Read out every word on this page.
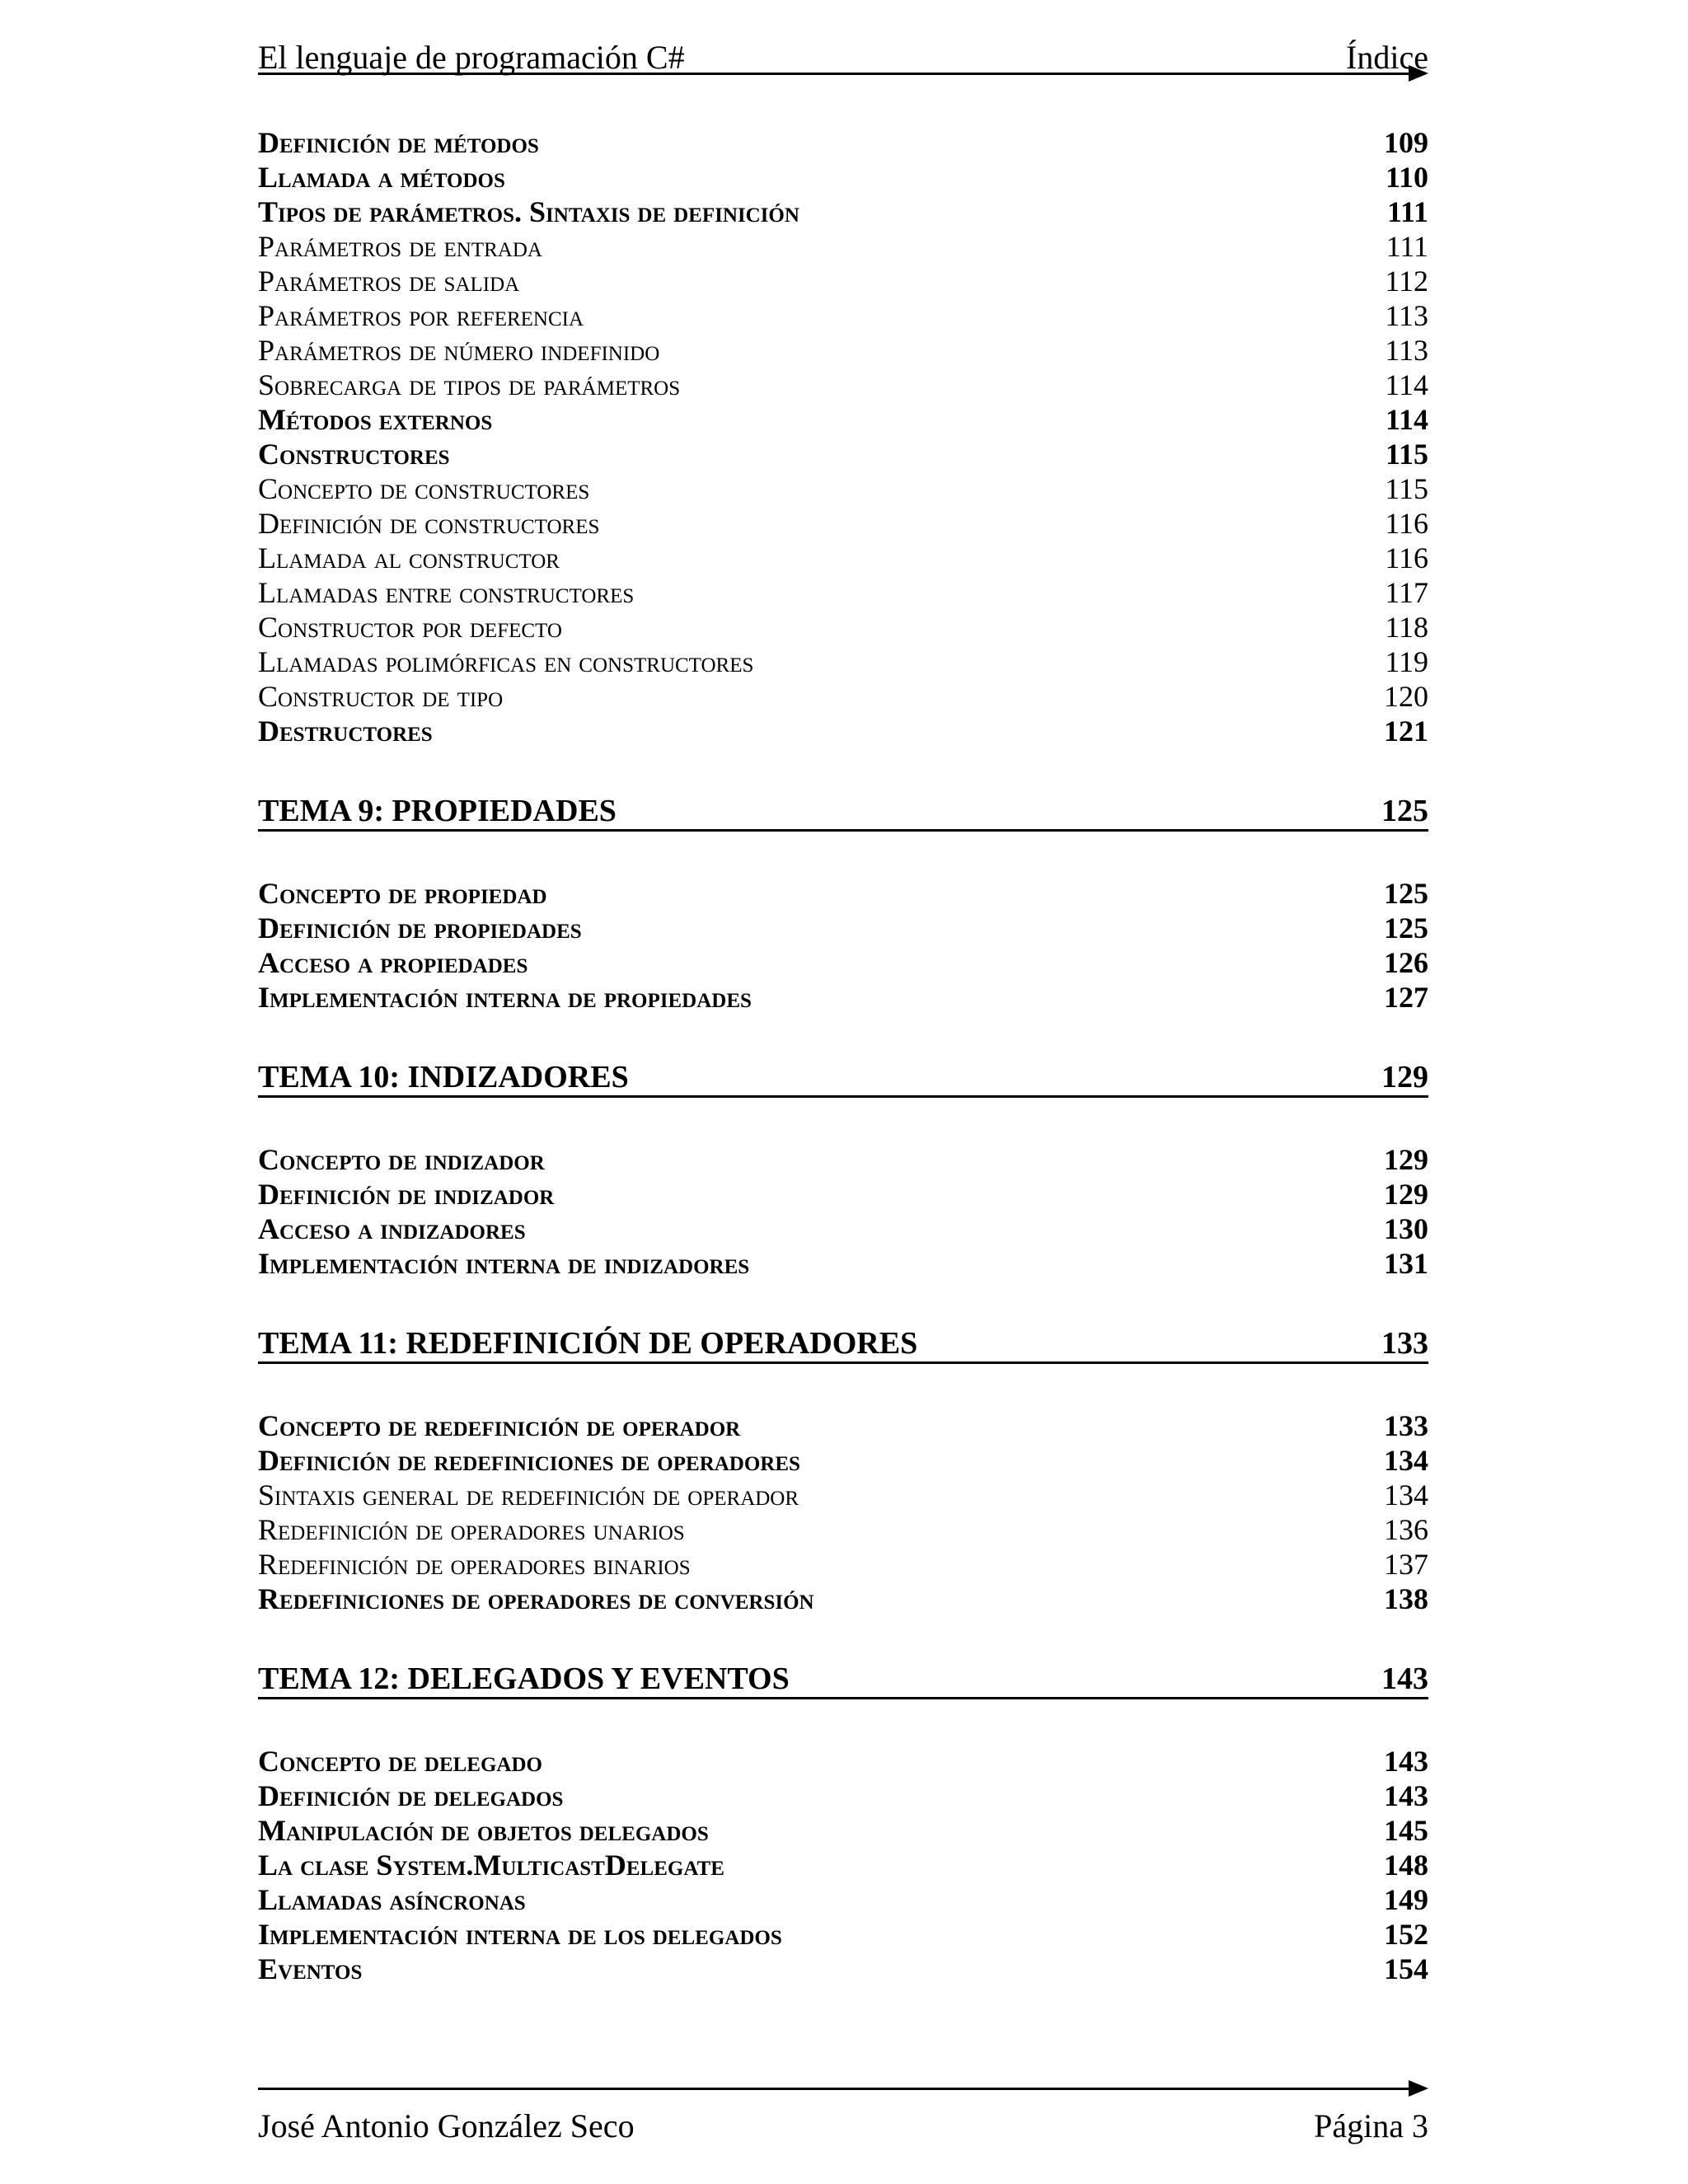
El lenguaje de programación C#	Índice
Definición de métodos	109
Llamada a métodos	110
Tipos de parámetros. Sintaxis de definición	111
Parámetros de entrada	111
Parámetros de salida	112
Parámetros por referencia	113
Parámetros de número indefinido	113
Sobrecarga de tipos de parámetros	114
Métodos externos	114
Constructores	115
Concepto de constructores	115
Definición de constructores	116
Llamada al constructor	116
Llamadas entre constructores	117
Constructor por defecto	118
Llamadas polimórficas en constructores	119
Constructor de tipo	120
Destructores	121
TEMA 9: PROPIEDADES	125
Concepto de propiedad	125
Definición de propiedades	125
Acceso a propiedades	126
Implementación interna de propiedades	127
TEMA 10: INDIZADORES	129
Concepto de indizador	129
Definición de indizador	129
Acceso a indizadores	130
Implementación interna de indizadores	131
TEMA 11: REDEFINICIÓN DE OPERADORES	133
Concepto de redefinición de operador	133
Definición de redefiniciones de operadores	134
Sintaxis general de redefinición de operador	134
Redefinición de operadores unarios	136
Redefinición de operadores binarios	137
Redefiniciones de operadores de conversión	138
TEMA 12: DELEGADOS Y EVENTOS	143
Concepto de delegado	143
Definición de delegados	143
Manipulación de objetos delegados	145
La clase System.MulticastDelegate	148
Llamadas asíncronas	149
Implementación interna de los delegados	152
Eventos	154
José Antonio González Seco	Página 3
